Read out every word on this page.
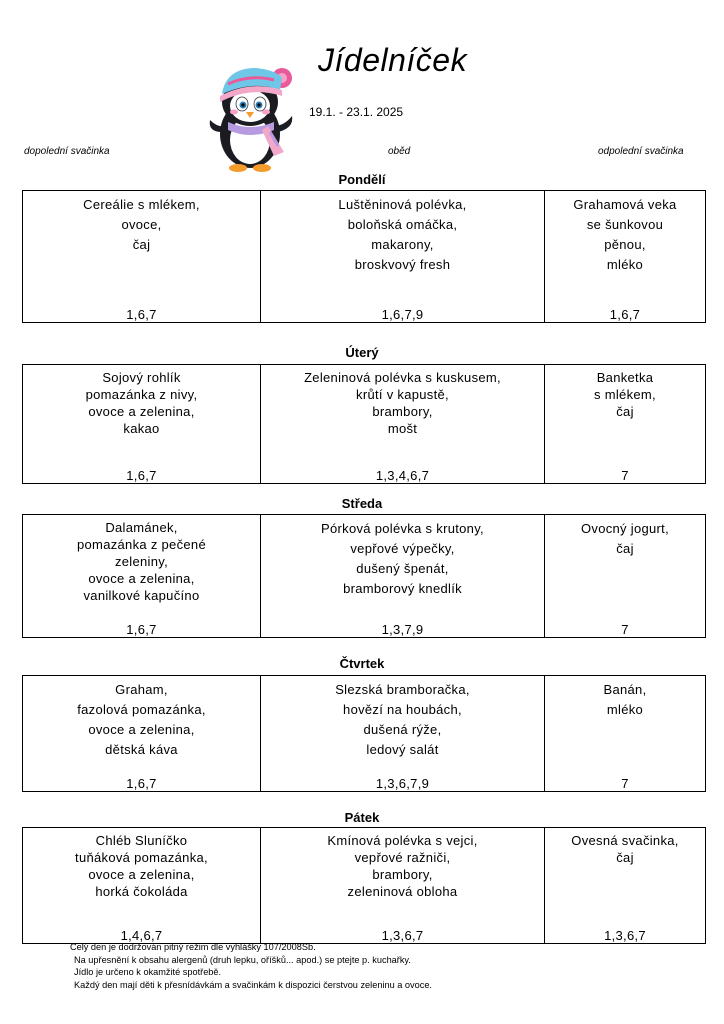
Jídelníček
19.1. - 23.1. 2025
dopolední svačinka	oběd	odpolední svačinka
Pondělí
Cereálie s mlékem,
ovoce,
čaj
1,6,7

Luštěninová polévka,
boloňská omáčka,
makarony,
broskvový fresh
1,6,7,9

Grahamová veka
se šunkovou
pěnou,
mléko
1,6,7
Úterý
Sojový rohlík
pomazánka z nivy,
ovoce a zelenina,
kakao
1,6,7

Zeleninová polévka s kuskusem,
krůtí v kapustě,
brambory,
mošt
1,3,4,6,7

Banketka
s mlékem,
čaj
7
Středa
Dalamánek,
pomazánka z pečené
zeleniny,
ovoce a zelenina,
vanilkové kapučíno
1,6,7

Pórková polévka s krutony,
vepřové výpečky,
dušený špenát,
bramborový knedlík
1,3,7,9

Ovocný jogurt,
čaj
7
Čtvrtek
Graham,
fazolová pomazánka,
ovoce a zelenina,
dětská káva
1,6,7

Slezská bramboračka,
hovězí na houbách,
dušená rýže,
ledový salát
1,3,6,7,9

Banán,
mléko
7
Pátek
Chléb Sluníčko
tuňáková pomazánka,
ovoce a zelenina,
horká čokoláda
1,4,6,7

Kmínová polévka s vejci,
vepřové ražniči,
brambory,
zeleninová obloha
1,3,6,7

Ovesná svačinka,
čaj
1,3,6,7
Celý den je dodržován pitný režim dle vyhlášky 107/2008Sb.
Na upřesnění k obsahu alergenů (druh lepku, oříšků... apod.) se ptejte p. kuchařky.
Jídlo je určeno k okamžité spotřebě.
Každý den mají děti k přesnídávkám a svačinkám k dispozici čerstvou zeleninu a ovoce.
